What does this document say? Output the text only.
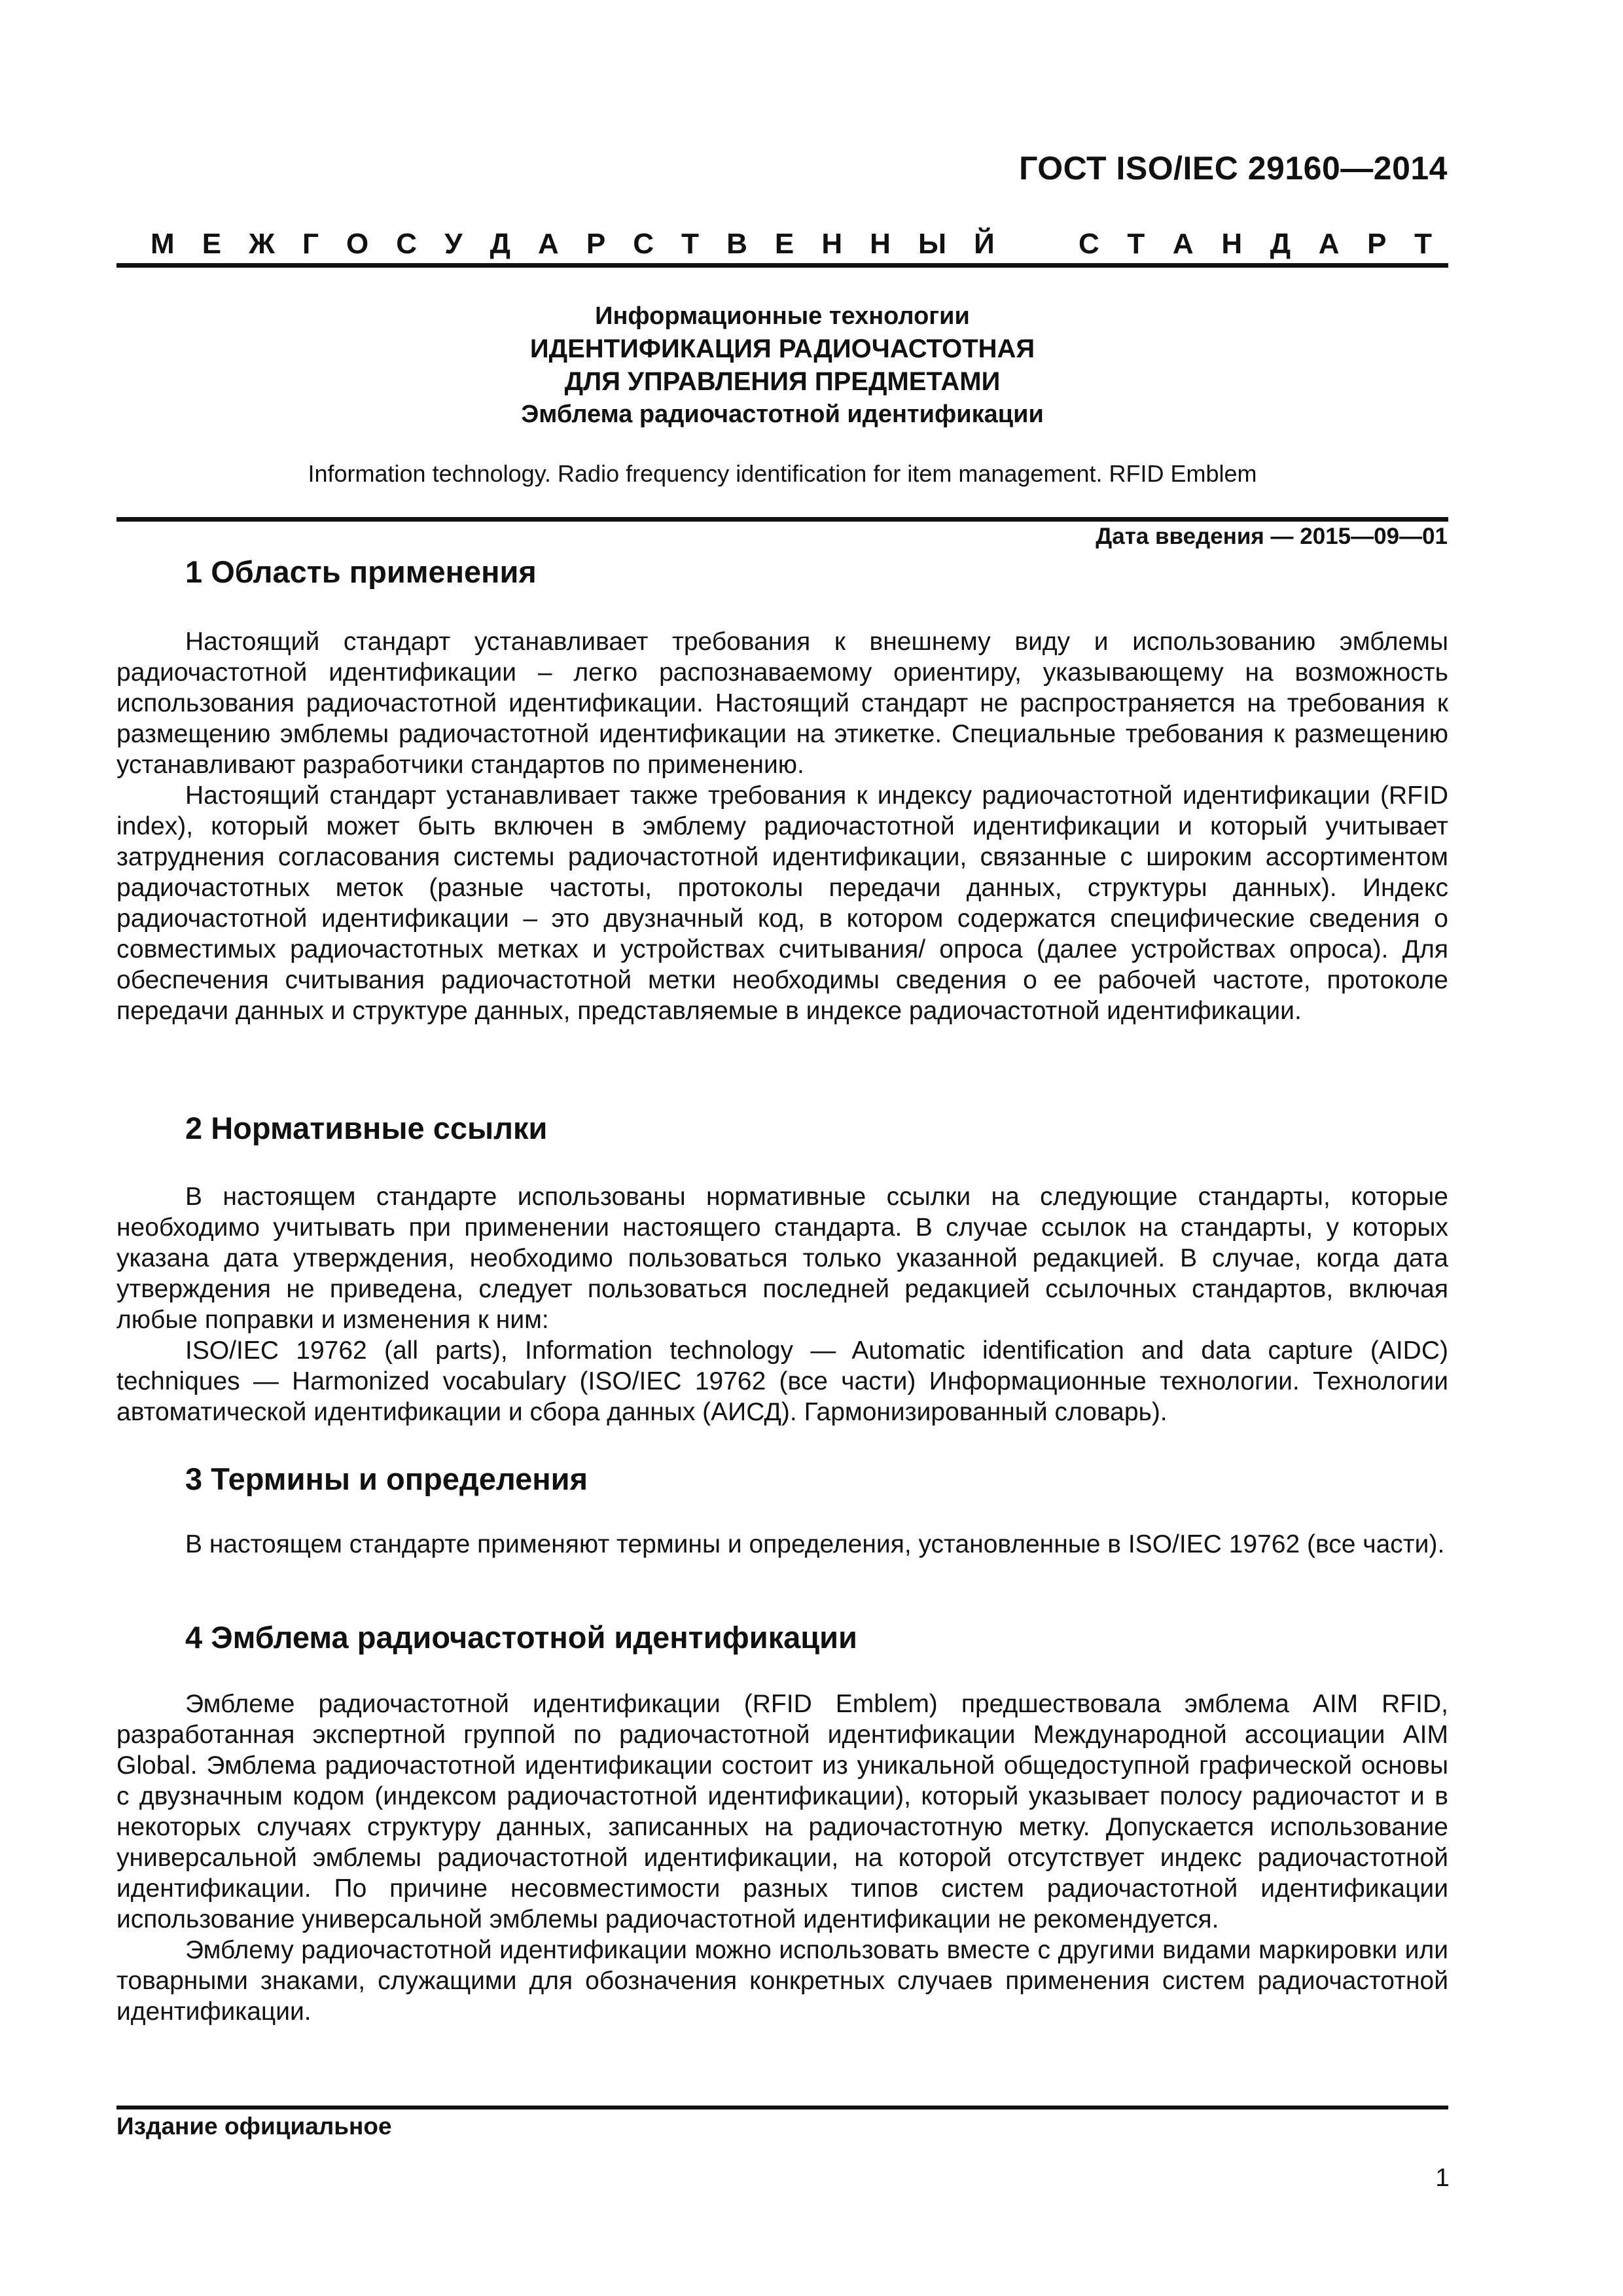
ГОСТ ISO/IEC 29160—2014
М Е Ж Г О С У Д А Р С Т В Е Н Н Ы Й	С Т А Н Д А Р Т
Информационные технологии
ИДЕНТИФИКАЦИЯ РАДИОЧАСТОТНАЯ
ДЛЯ УПРАВЛЕНИЯ ПРЕДМЕТАМИ
Эмблема радиочастотной идентификации
Information technology. Radio frequency identification for item management. RFID Emblem
Дата введения — 2015—09—01
1 Область применения

Настоящий стандарт устанавливает требования к внешнему виду и использованию эмблемы радиочастотной идентификации – легко распознаваемому ориентиру, указывающему на возможность использования радиочастотной идентификации. Настоящий стандарт не распространяется на требования к размещению эмблемы радиочастотной идентификации на этикетке. Специальные требования к размещению устанавливают разработчики стандартов по применению.

Настоящий стандарт устанавливает также требования к индексу радиочастотной идентификации (RFID index), который может быть включен в эмблему радиочастотной идентификации и который учитывает затруднения согласования системы радиочастотной идентификации, связанные с широким ассортиментом радиочастотных меток (разные частоты, протоколы передачи данных, структуры данных). Индекс радиочастотной идентификации – это двузначный код, в котором содержатся специфические сведения о совместимых радиочастотных метках и устройствах считывания/ опроса (далее устройствах опроса). Для обеспечения считывания радиочастотной метки необходимы сведения о ее рабочей частоте, протоколе передачи данных и структуре данных, представляемые в индексе радиочастотной идентификации.

2 Нормативные ссылки

В настоящем стандарте использованы нормативные ссылки на следующие стандарты, которые необходимо учитывать при применении настоящего стандарта. В случае ссылок на стандарты, у которых указана дата утверждения, необходимо пользоваться только указанной редакцией. В случае, когда дата утверждения не приведена, следует пользоваться последней редакцией ссылочных стандартов, включая любые поправки и изменения к ним:

ISO/IEC 19762 (all parts), Information technology — Automatic identification and data capture (AIDC) techniques — Harmonized vocabulary (ISO/IEC 19762 (все части) Информационные технологии. Технологии автоматической идентификации и сбора данных (АИСД). Гармонизированный словарь).

3 Термины и определения

В настоящем стандарте применяют термины и определения, установленные в ISO/IEC 19762 (все части).

4 Эмблема радиочастотной идентификации

Эмблеме радиочастотной идентификации (RFID Emblem) предшествовала эмблема AIM RFID, разработанная экспертной группой по радиочастотной идентификации Международной ассоциации AIM Global. Эмблема радиочастотной идентификации состоит из уникальной общедоступной графической основы с двузначным кодом (индексом радиочастотной идентификации), который указывает полосу радиочастот и в некоторых случаях структуру данных, записанных на радиочастотную метку. Допускается использование универсальной эмблемы радиочастотной идентификации, на которой отсутствует индекс радиочастотной идентификации. По причине несовместимости разных типов систем радиочастотной идентификации использование универсальной эмблемы радиочастотной идентификации не рекомендуется.

Эмблему радиочастотной идентификации можно использовать вместе с другими видами маркировки или товарными знаками, служащими для обозначения конкретных случаев применения систем радиочастотной идентификации.

Издание официальное
1
